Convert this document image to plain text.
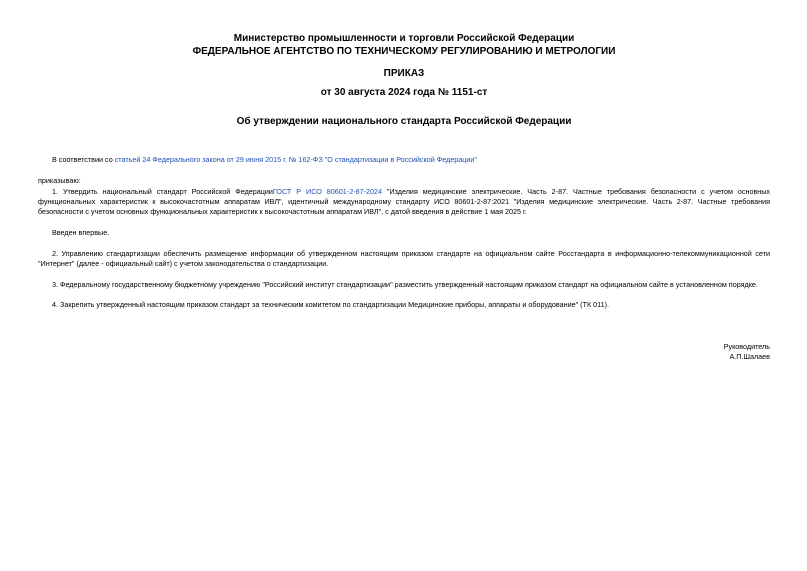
Министерство промышленности и торговли Российской Федерации
ФЕДЕРАЛЬНОЕ АГЕНТСТВО ПО ТЕХНИЧЕСКОМУ РЕГУЛИРОВАНИЮ И МЕТРОЛОГИИ
ПРИКАЗ
от 30 августа 2024 года № 1151-ст
Об утверждении национального стандарта Российской Федерации
В соответствии со статьей 24 Федерального закона от 29 июня 2015 г. № 162-ФЗ "О стандартизации в Российской Федерации"
приказываю:
1. Утвердить национальный стандарт Российской ФедерацииГОСТ Р ИСО 80601-2-87-2024 "Изделия медицинские электрические. Часть 2-87. Частные требования безопасности с учетом основных функциональных характеристик к высокочастотным аппаратам ИВЛ", идентичный международному стандарту ИСО 80601-2-87:2021 "Изделия медицинские электрические. Часть 2-87. Частные требования безопасности с учетом основных функциональных характеристик к высокочастотным аппаратам ИВЛ", с датой введения в действие 1 мая 2025 г.
Введен впервые.
2. Управлению стандартизации обеспечить размещение информации об утвержденном настоящим приказом стандарте на официальном сайте Росстандарта в информационно-телекоммуникационной сети "Интернет" (далее - официальный сайт) с учетом законодательства о стандартизации.
3. Федеральному государственному бюджетному учреждению "Российский институт стандартизации" разместить утвержденный настоящим приказом стандарт на официальном сайте в установленном порядке.
4. Закрепить утвержденный настоящим приказом стандарт за техническим комитетом по стандартизации Медицинские приборы, аппараты и оборудование" (ТК 011).
Руководитель
А.П.Шалаев
